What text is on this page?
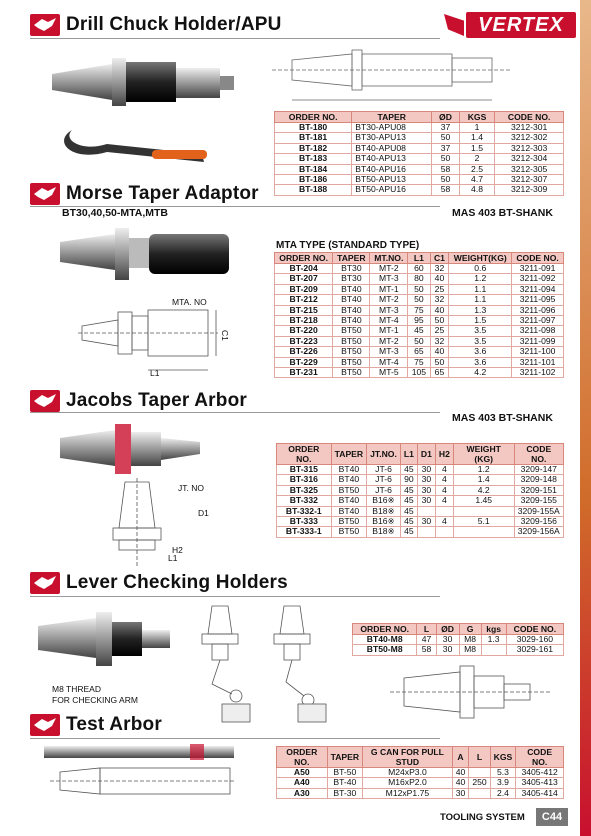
VERTEX
Drill Chuck Holder/APU
ORDER NO.	TAPER	ØD	KGS	CODE NO.
BT-180	BT30-APU08	37	1	3212-301
BT-181	BT30-APU13	50	1.4	3212-302
BT-182	BT40-APU08	37	1.5	3212-303
BT-183	BT40-APU13	50	2	3212-304
BT-184	BT40-APU16	58	2.5	3212-305
BT-186	BT50-APU13	50	4.7	3212-307
BT-188	BT50-APU16	58	4.8	3212-309
Morse Taper Adaptor
BT30,40,50-MTA,MTB	MAS 403 BT-SHANK
MTA. NO
L1
C1
MTA TYPE (STANDARD TYPE)
ORDER NO.	TAPER	MT.NO.	L1	C1	WEIGHT(KG)	CODE NO.
BT-204	BT30	MT-2	60	32	0.6	3211-091
BT-207	BT30	MT-3	80	40	1.2	3211-092
BT-209	BT40	MT-1	50	25	1.1	3211-094
BT-212	BT40	MT-2	50	32	1.1	3211-095
BT-215	BT40	MT-3	75	40	1.3	3211-096
BT-218	BT40	MT-4	95	50	1.5	3211-097
BT-220	BT50	MT-1	45	25	3.5	3211-098
BT-223	BT50	MT-2	50	32	3.5	3211-099
BT-226	BT50	MT-3	65	40	3.6	3211-100
BT-229	BT50	MT-4	75	50	3.6	3211-101
BT-231	BT50	MT-5	105	65	4.2	3211-102
Jacobs Taper Arbor
MAS 403 BT-SHANK
JT. NO
D1
L1
H2
ORDER NO.	TAPER	JT.NO.	L1	D1	H2	WEIGHT (KG)	CODE NO.
BT-315	BT40	JT-6	45	30	4	1.2	3209-147
BT-316	BT40	JT-6	90	30	4	1.4	3209-148
BT-325	BT50	JT-6	45	30	4	4.2	3209-151
BT-332	BT40	B16※	45	30	4	1.45	3209-155
BT-332-1	BT40	B18※	45				3209-155A
BT-333	BT50	B16※	45	30	4	5.1	3209-156
BT-333-1	BT50	B18※	45				3209-156A
Lever Checking Holders
M8 THREAD
FOR CHECKING ARM
ORDER NO.	L	ØD	G	kgs	CODE NO.
BT40-M8	47	30	M8	1.3	3029-160
BT50-M8	58	30	M8		3029-161
Test Arbor
ORDER NO.	TAPER	G CAN FOR PULL STUD	A	L	KGS	CODE NO.
A50	BT-50	M24xP3.0	40		5.3	3405-412
A40	BT-40	M16xP2.0	40	250	3.9	3405-413
A30	BT-30	M12xP1.75	30		2.4	3405-414
TOOLING SYSTEM C44
